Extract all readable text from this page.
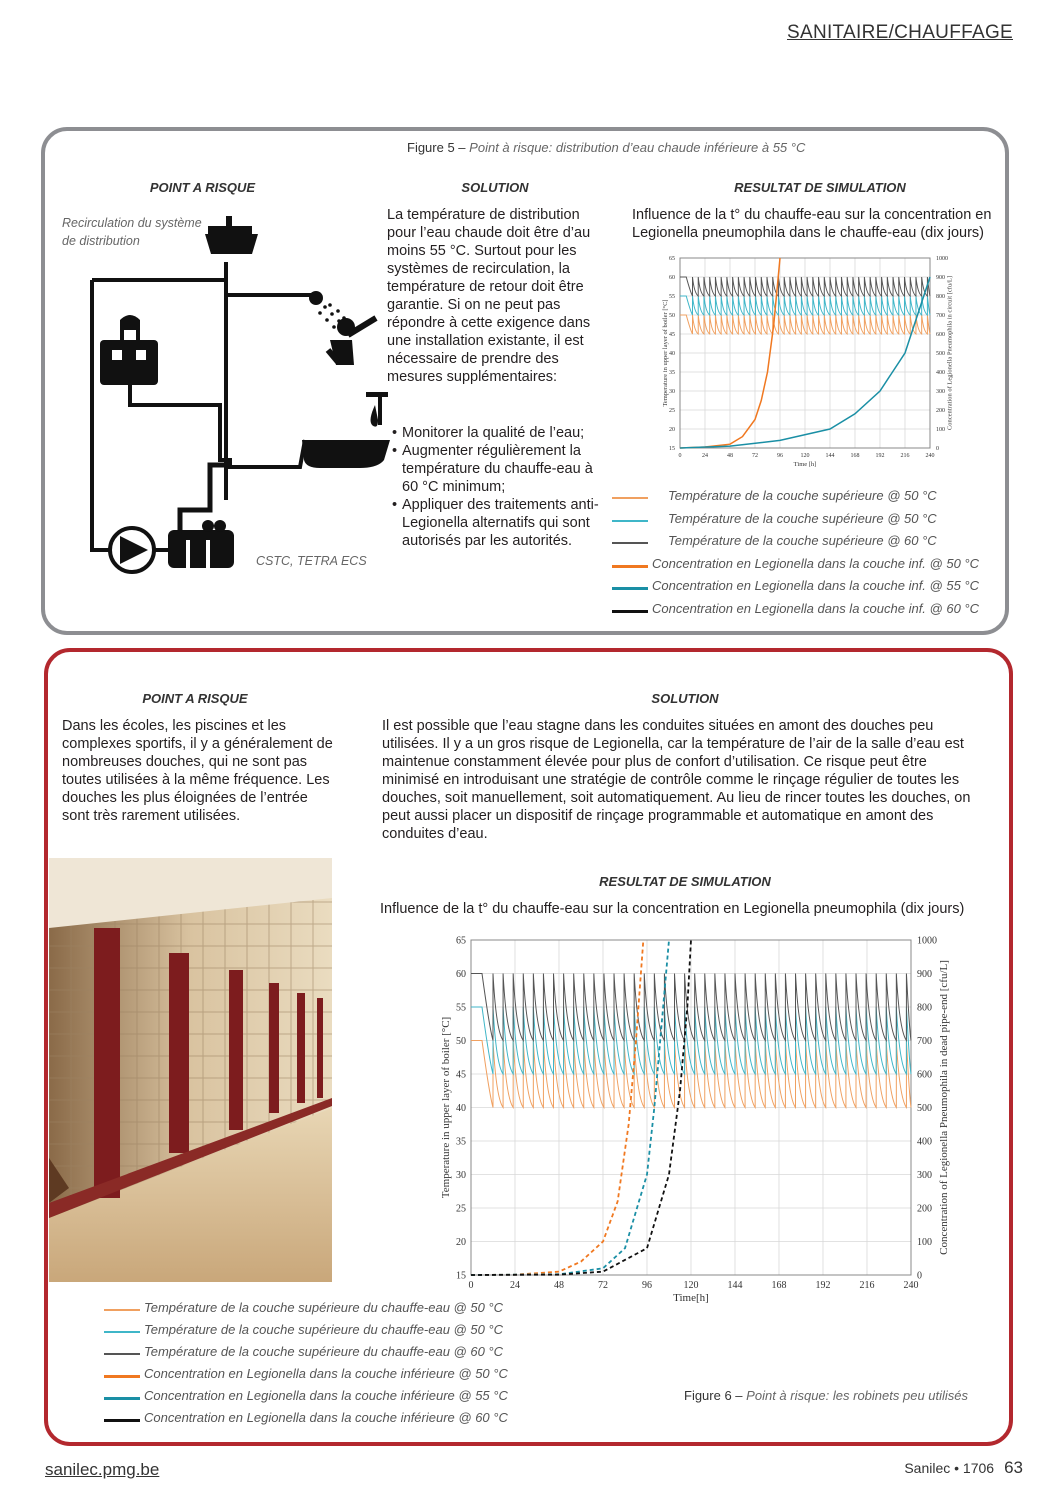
SANITAIRE/CHAUFFAGE
Figure 5 – Point à risque: distribution d’eau chaude inférieure à 55 °C
POINT A RISQUE
Recirculation du système de distribution
CSTC, TETRA ECS
SOLUTION
La température de distribution pour l’eau chaude doit être d’au moins 55 °C. Surtout pour les systèmes de recirculation, la température de retour doit être garantie. Si on ne peut pas répondre à cette exigence dans une installation existante, il est nécessaire de prendre des mesures supplémentaires:
• Monitorer la qualité de l’eau;
• Augmenter régulièrement la température du chauffe-eau à 60 °C minimum;
• Appliquer des traitements anti-Legionella alternatifs qui sont autorisés par les autorités.
RESULTAT DE SIMULATION
Influence de la t° du chauffe-eau sur la concentration en Legionella pneumophila dans le chauffe-eau (dix jours)
15
20
25
30
35
40
45
50
55
60
65
0	24	48	72	96	120	144	168	192	216	240
0
100
200
300
400
500
600
700
800
900
1000
Time [h]
Temperature in upper layer of boiler [°C]	Concentration of Legionella Pneumophila in circuit [cfu/L]
Température de la couche supérieure @ 50 °C
Température de la couche supérieure @ 50 °C
Température de la couche supérieure @ 60 °C
Concentration en Legionella dans la couche inf. @ 50 °C
Concentration en Legionella dans la couche inf. @ 55 °C
Concentration en Legionella dans la couche inf. @ 60 °C
POINT A RISQUE
Dans les écoles, les piscines et les complexes sportifs, il y a généralement de nombreuses douches, qui ne sont pas toutes utilisées à la même fréquence. Les douches les plus éloignées de l’entrée sont très rarement utilisées.
SOLUTION
Il est possible que l’eau stagne dans les conduites situées en amont des douches peu utilisées. Il y a un gros risque de Legionella, car la température de l’air de la salle d’eau est maintenue constamment élevée pour plus de confort d’utilisation. Ce risque peut être minimisé en introduisant une stratégie de contrôle comme le rinçage régulier de toutes les douches, soit manuellement, soit automatiquement. Au lieu de rincer toutes les douches, on peut aussi placer un dispositif de rinçage programmable et automatique en amont des conduites d’eau.
RESULTAT DE SIMULATION
Influence de la t° du chauffe-eau sur la concentration en Legionella pneumophila (dix jours)
15
20
25
30
35
40
45
50
55
60
65
0	24	48	72	96	120	144	168	192	216	240
0
100
200
300
400
500
600
700
800
900
1000
Time[h]
Temperature in upper layer of boiler [°C]	Concentration of Legionella Pneumophila in dead pipe-end [cfu/L]
Température de la couche supérieure du chauffe-eau @ 50 °C
Température de la couche supérieure du chauffe-eau @ 50 °C
Température de la couche supérieure du chauffe-eau @ 60 °C
Concentration en Legionella dans la couche inférieure @ 50 °C
Concentration en Legionella dans la couche inférieure @ 55 °C
Concentration en Legionella dans la couche inférieure @ 60 °C
Figure 6 – Point à risque: les robinets peu utilisés
sanilec.pmg.be	Sanilec • 1706 63
